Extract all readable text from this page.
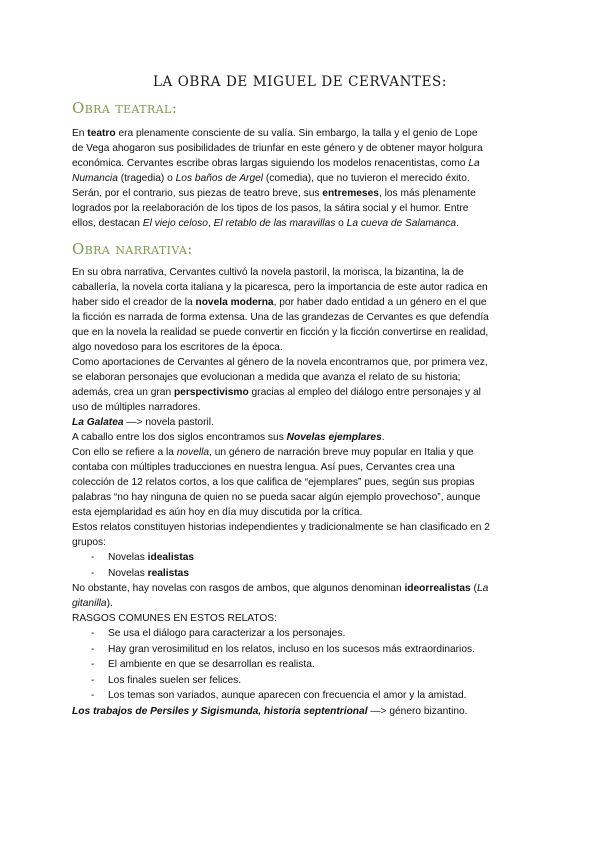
LA OBRA DE MIGUEL DE CERVANTES:
Obra teatral:
En teatro era plenamente consciente de su valía. Sin embargo, la talla y el genio de Lope
de Vega ahogaron sus posibilidades de triunfar en este género y de obtener mayor holgura
económica. Cervantes escribe obras largas siguiendo los modelos renacentistas, como La
Numancia (tragedia) o Los baños de Argel (comedia), que no tuvieron el merecido éxito.
Serán, por el contrario, sus piezas de teatro breve, sus entremeses, los más plenamente
logrados por la reelaboración de los tipos de los pasos, la sátira social y el humor. Entre
ellos, destacan El viejo celoso, El retablo de las maravillas o La cueva de Salamanca.
Obra narrativa:

En su obra narrativa, Cervantes cultivó la novela pastoril, la morisca, la bizantina, la de
caballería, la novela corta italiana y la picaresca, pero la importancia de este autor radica en
haber sido el creador de la novela moderna, por haber dado entidad a un género en el que
la ficción es narrada de forma extensa. Una de las grandezas de Cervantes es que defendía
que en la novela la realidad se puede convertir en ficción y la ficción convertirse en realidad,
algo novedoso para los escritores de la época.

Como aportaciones de Cervantes al género de la novela encontramos que, por primera vez,
se elaboran personajes que evolucionan a medida que avanza el relato de su historia;
además, crea un gran perspectivismo gracias al empleo del diálogo entre personajes y al
uso de múltiples narradores.

La Galatea —> novela pastoril.

A caballo entre los dos siglos encontramos sus Novelas ejemplares.

Con ello se refiere a la novella, un género de narración breve muy popular en Italia y que
contaba con múltiples traducciones en nuestra lengua. Así pues, Cervantes crea una
colección de 12 relatos cortos, a los que califica de “ejemplares” pues, según sus propias
palabras “no hay ninguna de quien no se pueda sacar algún ejemplo provechoso”, aunque
esta ejemplaridad es aún hoy en día muy discutida por la crítica.

Estos relatos constituyen historias independientes y tradicionalmente se han clasificado en 2
grupos:

- Novelas idealistas
- Novelas realistas

No obstante, hay novelas con rasgos de ambos, que algunos denominan ideorrealistas (La
gitanilla).

RASGOS COMUNES EN ESTOS RELATOS:

- Se usa el diálogo para caracterizar a los personajes.
- Hay gran verosimilitud en los relatos, incluso en los sucesos más extraordinarios.
- El ambiente en que se desarrollan es realista.
- Los finales suelen ser felices.
- Los temas son variados, aunque aparecen con frecuencia el amor y la amistad.

Los trabajos de Persiles y Sigismunda, historia septentrional —> género bizantino.
